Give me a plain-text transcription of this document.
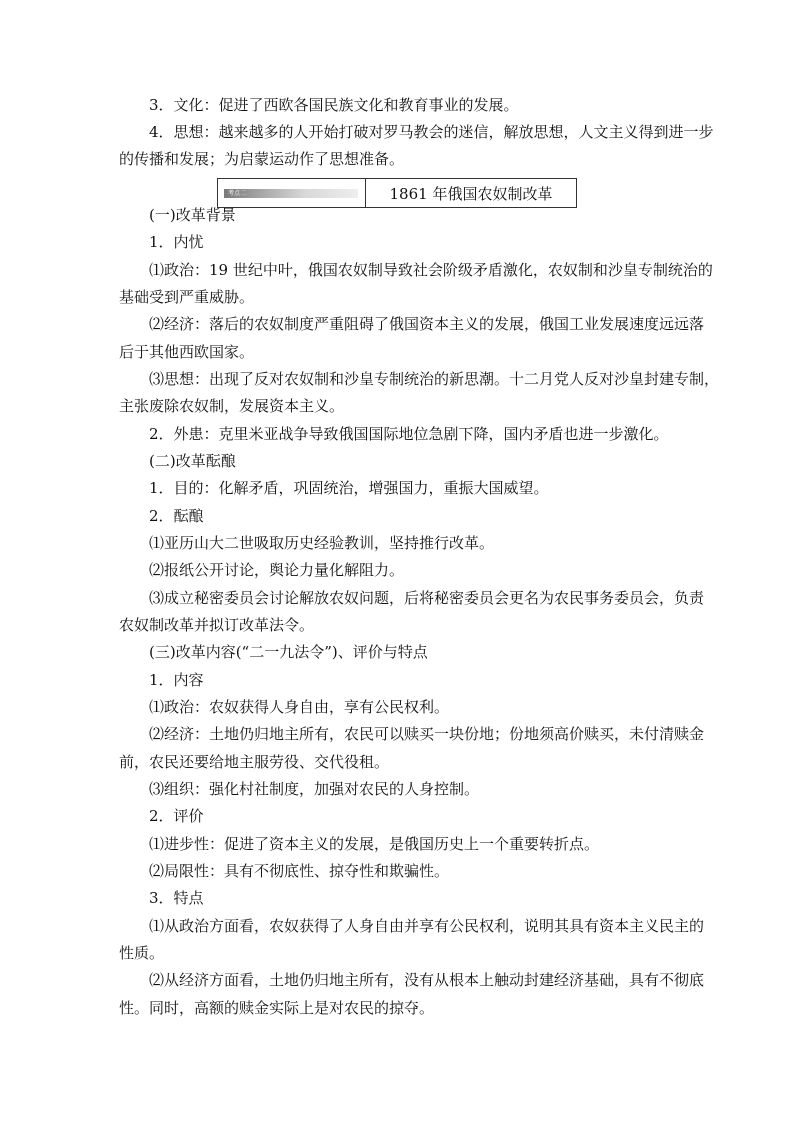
3．文化：促进了西欧各国民族文化和教育事业的发展。
4．思想：越来越多的人开始打破对罗马教会的迷信，解放思想，人文主义得到进一步
的传播和发展；为启蒙运动作了思想准备。
考点二	1861 年俄国农奴制改革
(一)改革背景
1．内忧
⑴政治：19 世纪中叶，俄国农奴制导致社会阶级矛盾激化，农奴制和沙皇专制统治的
基础受到严重威胁。
⑵经济：落后的农奴制度严重阻碍了俄国资本主义的发展，俄国工业发展速度远远落
后于其他西欧国家。
⑶思想：出现了反对农奴制和沙皇专制统治的新思潮。十二月党人反对沙皇封建专制，
主张废除农奴制，发展资本主义。
2．外患：克里米亚战争导致俄国国际地位急剧下降，国内矛盾也进一步激化。
(二)改革酝酿
1．目的：化解矛盾，巩固统治，增强国力，重振大国威望。
2．酝酿
⑴亚历山大二世吸取历史经验教训，坚持推行改革。
⑵报纸公开讨论，舆论力量化解阻力。
⑶成立秘密委员会讨论解放农奴问题，后将秘密委员会更名为农民事务委员会，负责
农奴制改革并拟订改革法令。
(三)改革内容(“二一九法令”)、评价与特点
1．内容
⑴政治：农奴获得人身自由，享有公民权利。
⑵经济：土地仍归地主所有，农民可以赎买一块份地；份地须高价赎买，未付清赎金
前，农民还要给地主服劳役、交代役租。
⑶组织：强化村社制度，加强对农民的人身控制。
2．评价
⑴进步性：促进了资本主义的发展，是俄国历史上一个重要转折点。
⑵局限性：具有不彻底性、掠夺性和欺骗性。
3．特点
⑴从政治方面看，农奴获得了人身自由并享有公民权利，说明其具有资本主义民主的
性质。
⑵从经济方面看，土地仍归地主所有，没有从根本上触动封建经济基础，具有不彻底
性。同时，高额的赎金实际上是对农民的掠夺。
